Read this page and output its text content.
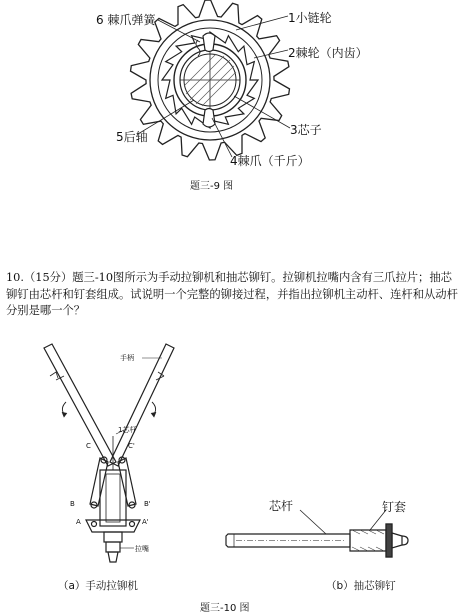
1小链轮
2棘轮（内齿）
3芯子
4棘爪（千斤）
5后轴
6 棘爪弹簧
题三-9 图
10.（15分）题三-10图所示为手动拉铆机和抽芯铆钉。拉铆机拉嘴内含有三爪拉片；抽芯铆钉由芯杆和钉套组成。试说明一个完整的铆接过程，并指出拉铆机主动杆、连杆和从动杆分别是哪一个？
手柄
1芯杆
拉嘴
C	C'
B	B'
A	A'
芯杆	钉套
（a）手动拉铆机	（b）抽芯铆钉
题三-10 图
